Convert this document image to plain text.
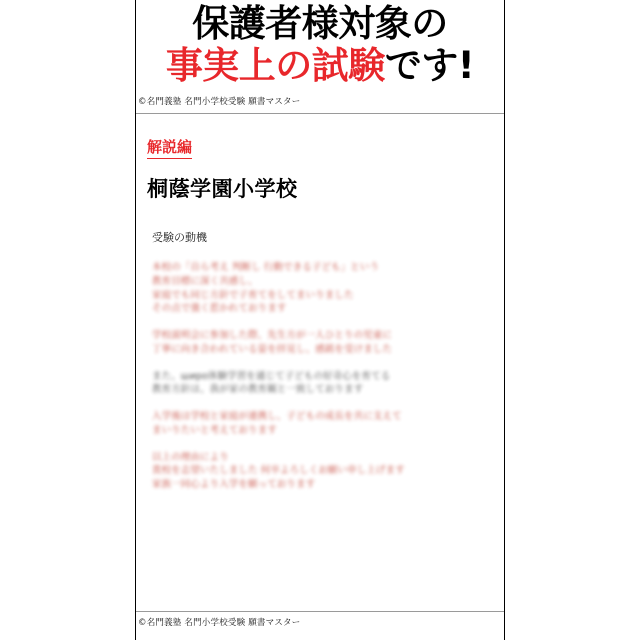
保護者様対象の
事実上の試験です!
©名門義塾 名門小学校受験 願書マスター
解説編
桐蔭学園小学校
受験の動機
本校の「自ら考え 判断し 行動できる子ども」という
教育目標に深く共感し、
家庭でも同じ方針で子育てをしてまいりました
その点で強く惹かれております
学校説明会に参加した際、先生方が一人ひとりの児童に
丁寧に向き合われている姿を拝見し、感銘を受けました
また、широ体験学習を通じて子どもの好奇心を育てる
教育方針は、我が家の教育観と一致しております
入学後は学校と家庭が連携し、子どもの成長を共に支えて
まいりたいと考えております
以上の理由により
貴校を志望いたしました 何卒よろしくお願い申し上げます
家族一同心より入学を願っております
©名門義塾 名門小学校受験 願書マスター
